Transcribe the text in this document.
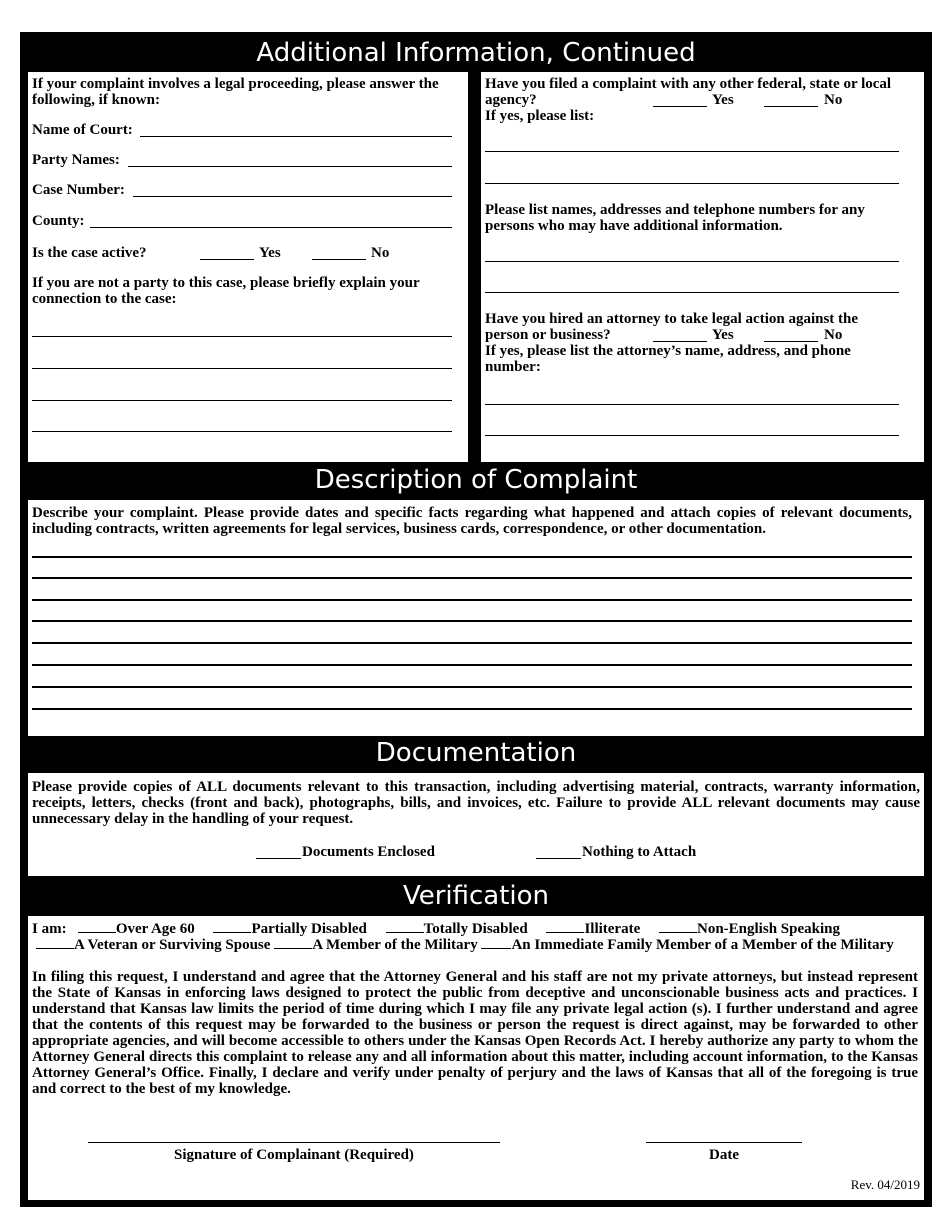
Additional Information, Continued
If your complaint involves a legal proceeding, please answer the following, if known:
Name of Court:
Party Names:
Case Number:
County:
Is the case active?	Yes	No
If you are not a party to this case, please briefly explain your connection to the case:
Have you filed a complaint with any other federal, state or local agency?	Yes	No
If yes, please list:
Please list names, addresses and telephone numbers for any persons who may have additional information.
Have you hired an attorney to take legal action against the person or business?	Yes	No
If yes, please list the attorney’s name, address, and phone number:
Description of Complaint
Describe your complaint. Please provide dates and specific facts regarding what happened and attach copies of relevant documents, including contracts, written agreements for legal services, business cards, correspondence, or other documentation.
Documentation
Please provide copies of ALL documents relevant to this transaction, including advertising material, contracts, warranty information, receipts, letters, checks (front and back), photographs, bills, and invoices, etc. Failure to provide ALL relevant documents may cause unnecessary delay in the handling of your request.
Documents Enclosed	Nothing to Attach
Verification
I am:	Over Age 60	Partially Disabled	Totally Disabled	Illiterate	Non-English Speaking
A Veteran or Surviving Spouse	A Member of the Military An Immediate Family Member of a Member of the Military
In filing this request, I understand and agree that the Attorney General and his staff are not my private attorneys, but instead represent the State of Kansas in enforcing laws designed to protect the public from deceptive and unconscionable business acts and practices. I understand that Kansas law limits the period of time during which I may file any private legal action (s). I further understand and agree that the contents of this request may be forwarded to the business or person the request is direct against, may be forwarded to other appropriate agencies, and will become accessible to others under the Kansas Open Records Act. I hereby authorize any party to whom the Attorney General directs this complaint to release any and all information about this matter, including account information, to the Kansas Attorney General’s Office. Finally, I declare and verify under penalty of perjury and the laws of Kansas that all of the foregoing is true and correct to the best of my knowledge.
Signature of Complainant (Required)	Date
Rev. 04/2019
